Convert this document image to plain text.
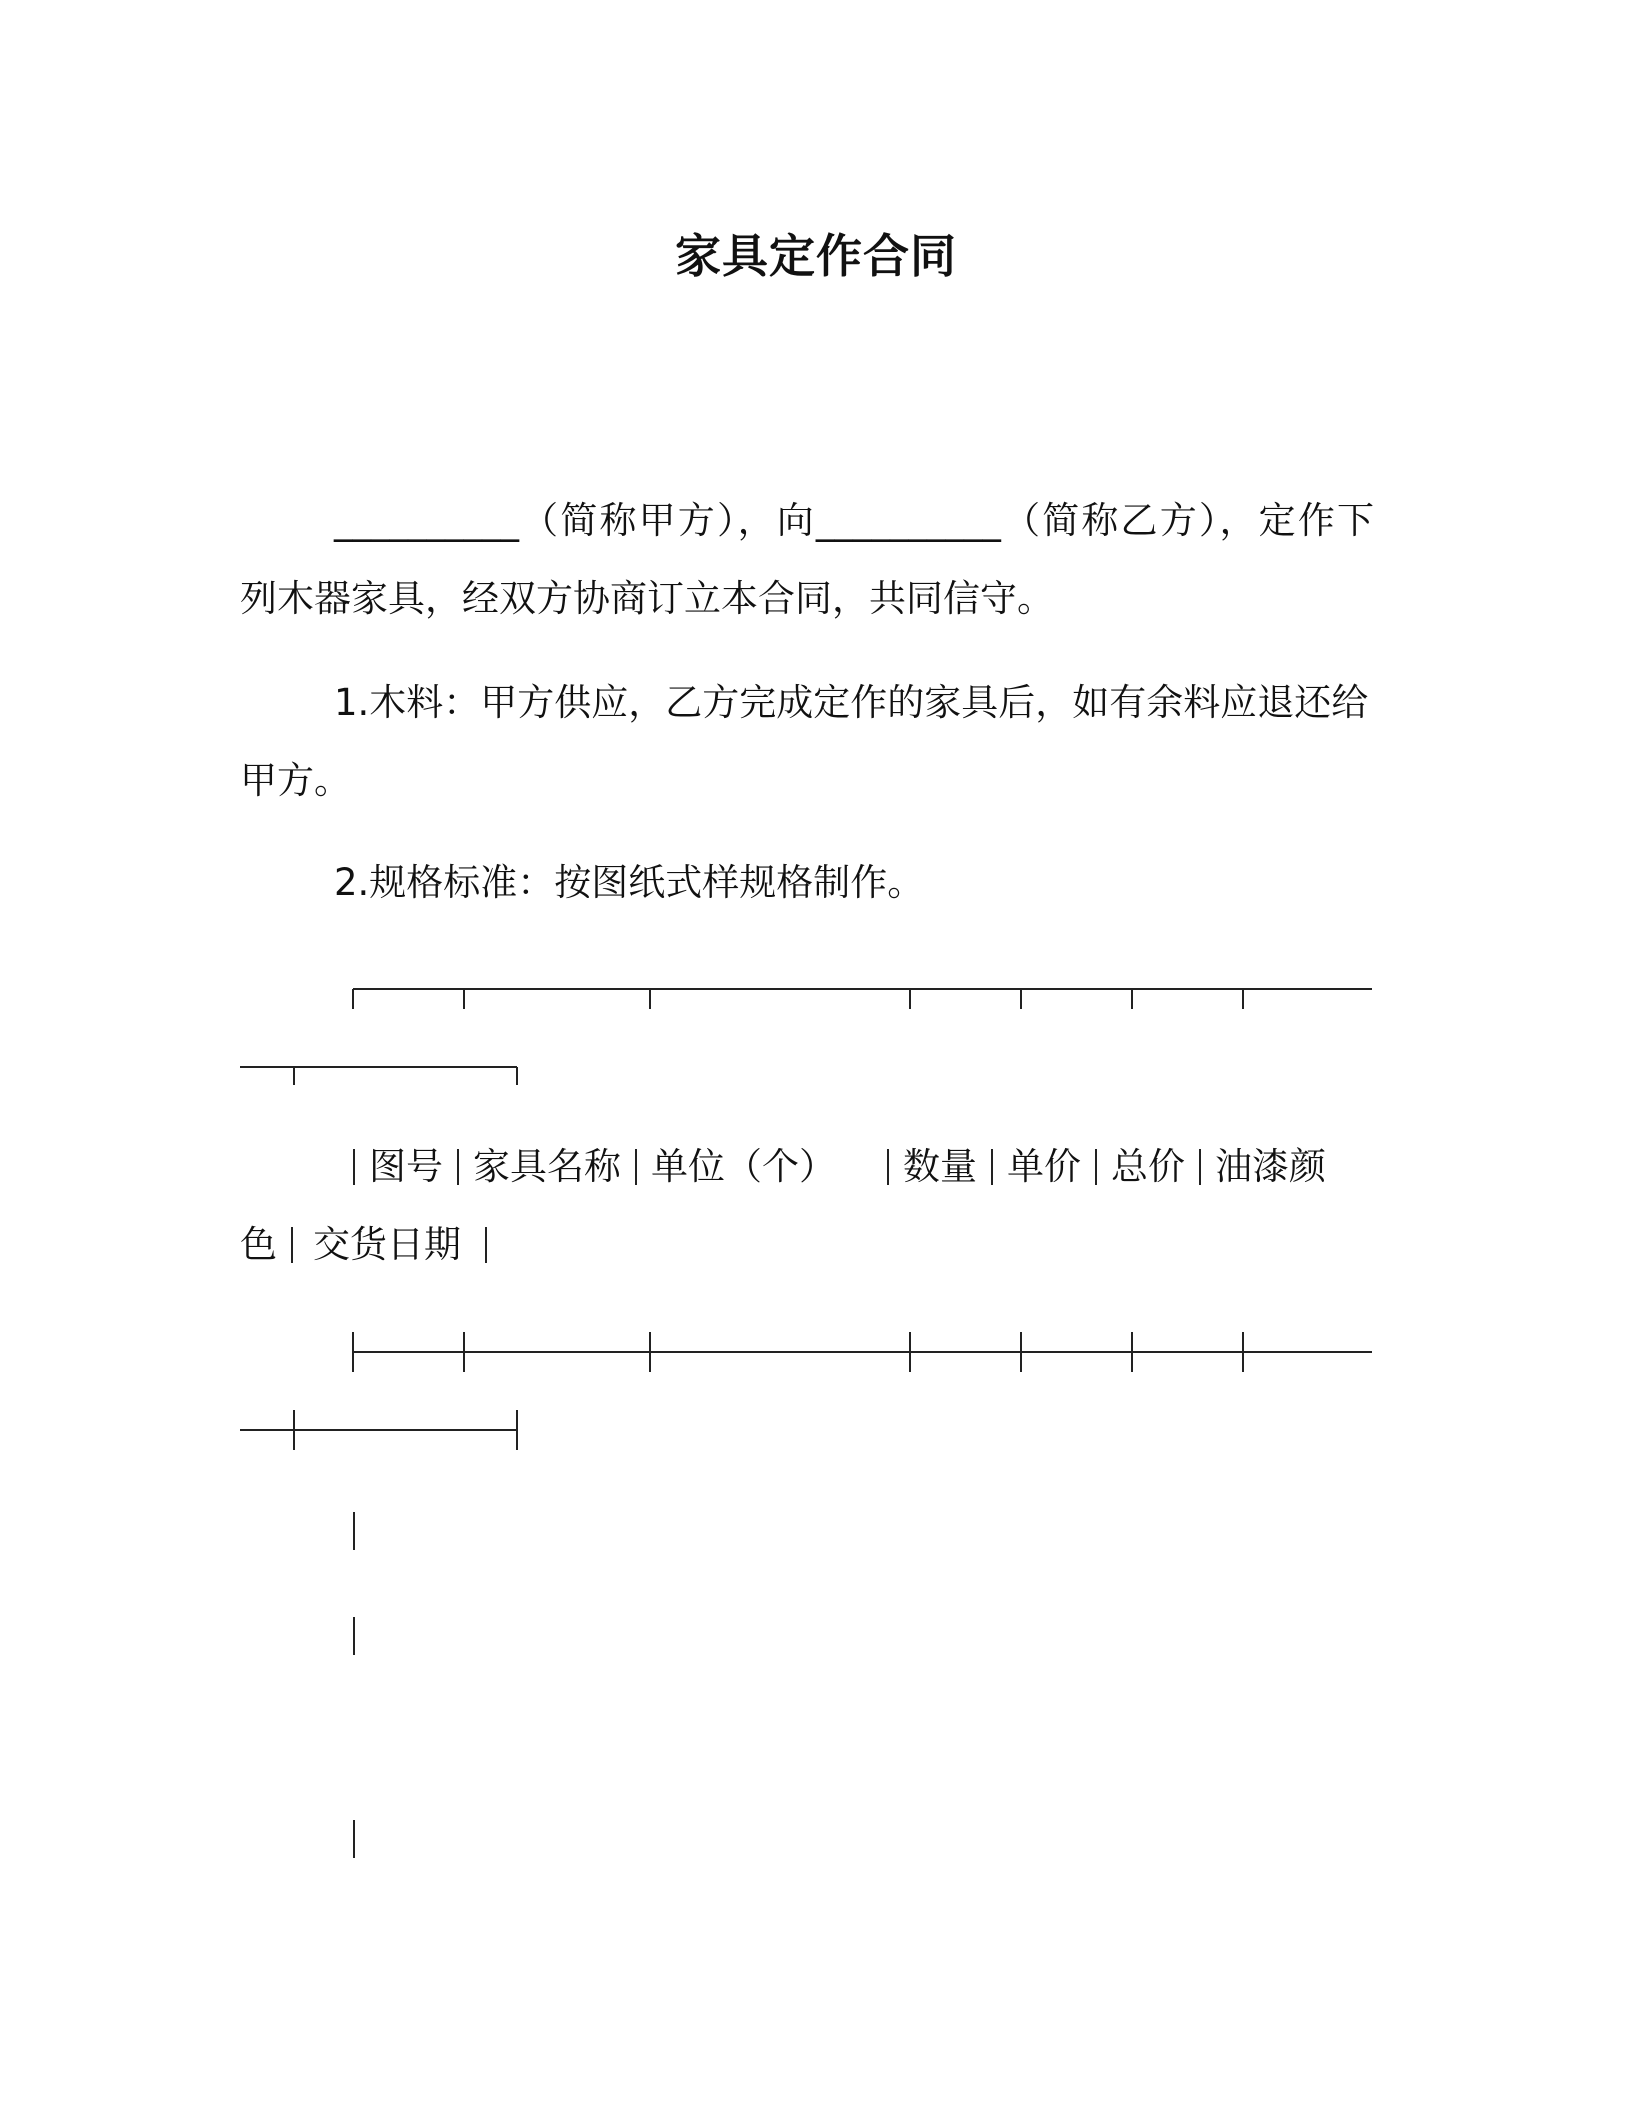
家具定作合同
__________（简称甲方），向__________（简称乙方），定作下
列木器家具，经双方协商订立本合同，共同信守。
1.木料：甲方供应，乙方完成定作的家具后，如有余料应退还给
甲方。
2.规格标准：按图纸式样规格制作。
图号 家具名称 单位（个） 数量 单价 总价 油漆颜
色 交货日期
